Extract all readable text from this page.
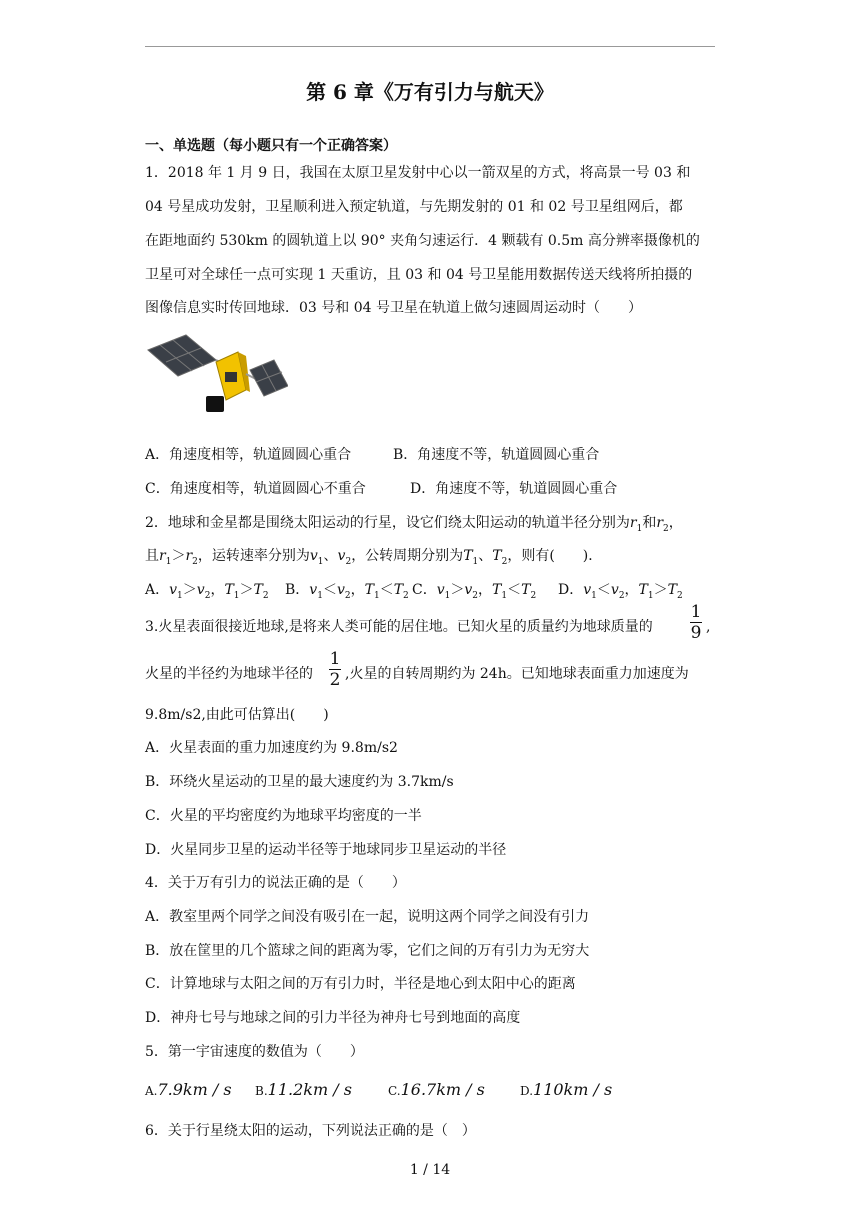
第 6 章《万有引力与航天》
一、单选题（每小题只有一个正确答案）
1．2018 年 1 月 9 日，我国在太原卫星发射中心以一箭双星的方式，将高景一号 03 和
04 号星成功发射，卫星顺利进入预定轨道，与先期发射的 01 和 02 号卫星组网后，都
在距地面约 530km 的圆轨道上以 90° 夹角匀速运行．4 颗载有 0.5m 高分辨率摄像机的
卫星可对全球任一点可实现 1 天重访，且 03 和 04 号卫星能用数据传送天线将所拍摄的
图像信息实时传回地球．03 号和 04 号卫星在轨道上做匀速圆周运动时（　　）
A．角速度相等，轨道圆圆心重合	B．角速度不等，轨道圆圆心重合
C．角速度相等，轨道圆圆心不重合	D．角速度不等，轨道圆圆心重合
2．地球和金星都是围绕太阳运动的行星，设它们绕太阳运动的轨道半径分别为$r_1$和$r_2$，
且$r_1>r_2$，运转速率分别为$v_1$、$v_2$，公转周期分别为$T_1$、$T_2$，则有(　　)．
A．$v_1>v_2$，$T_1>T_2$ B．$v_1<v_2$，$T_1<T_2$ C．$v_1>v_2$，$T_1<T_2$ D．$v_1<v_2$，$T_1>T_2$
3.火星表面很接近地球,是将来人类可能的居住地。已知火星的质量约为地球质量的
1
9 ,
火星的半径约为地球半径的
1
2 ,火星的自转周期约为 24h。已知地球表面重力加速度为
9.8m/s2,由此可估算出(　　)
A．火星表面的重力加速度约为 9.8m/s2
B．环绕火星运动的卫星的最大速度约为 3.7km/s
C．火星的平均密度约为地球平均密度的一半
D．火星同步卫星的运动半径等于地球同步卫星运动的半径
4．关于万有引力的说法正确的是（　　）
A．教室里两个同学之间没有吸引在一起，说明这两个同学之间没有引力
B．放在筐里的几个篮球之间的距离为零，它们之间的万有引力为无穷大
C．计算地球与太阳之间的万有引力时，半径是地心到太阳中心的距离
D．神舟七号与地球之间的引力半径为神舟七号到地面的高度
5．第一宇宙速度的数值为（　　）
A.7.9km / s B.11.2km / s	C.16.7km / s	D.110km / s
6．关于行星绕太阳的运动，下列说法正确的是（　）
1 / 14
